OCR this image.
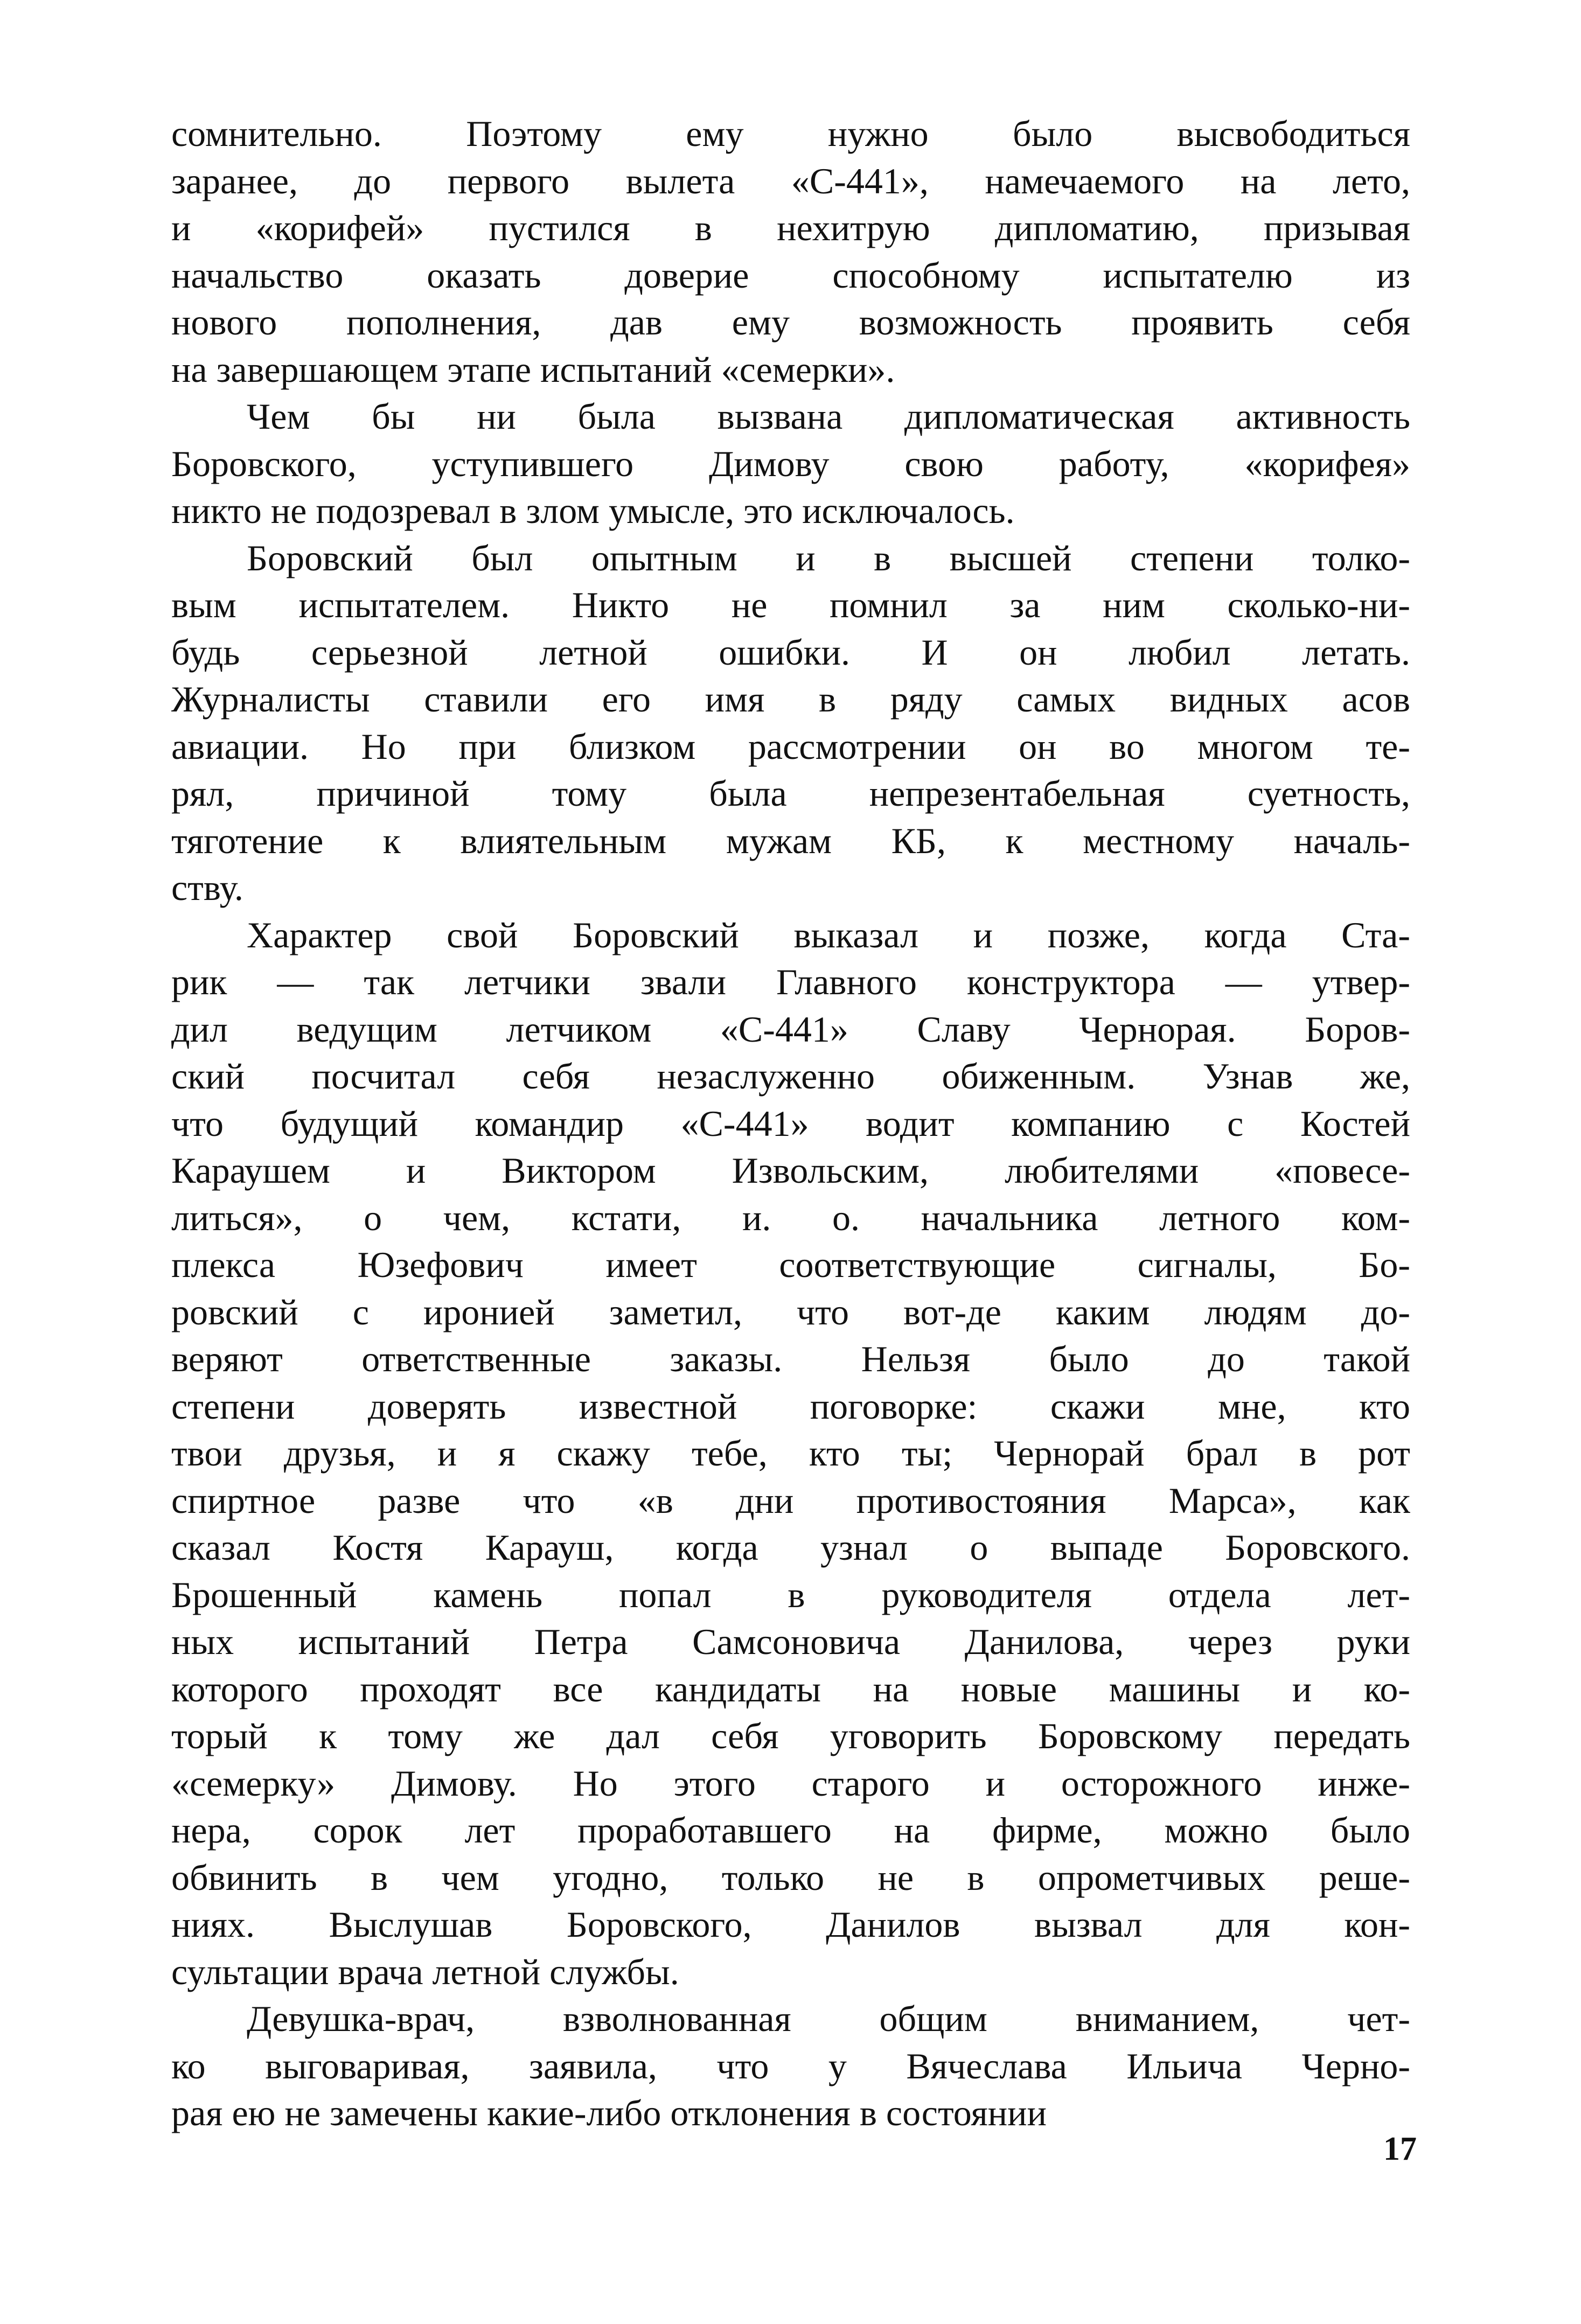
сомнительно. Поэтому ему нужно было высвободиться
заранее, до первого вылета «С-441», намечаемого на лето,
и «корифей» пустился в нехитрую дипломатию, призывая
начальство оказать доверие способному испытателю из
нового пополнения, дав ему возможность проявить себя
на завершающем этапе испытаний «семерки».
Чем бы ни была вызвана дипломатическая активность
Боровского, уступившего Димову свою работу, «корифея»
никто не подозревал в злом умысле, это исключалось.
Боровский был опытным и в высшей степени толко-
вым испытателем. Никто не помнил за ним сколько-ни-
будь серьезной летной ошибки. И он любил летать.
Журналисты ставили его имя в ряду самых видных асов
авиации. Но при близком рассмотрении он во многом те-
рял, причиной тому была непрезентабельная суетность,
тяготение к влиятельным мужам КБ, к местному началь-
ству.
Характер свой Боровский выказал и позже, когда Ста-
рик — так летчики звали Главного конструктора — утвер-
дил ведущим летчиком «С-441» Славу Чернорая. Боров-
ский посчитал себя незаслуженно обиженным. Узнав же,
что будущий командир «С-441» водит компанию с Костей
Караушем и Виктором Извольским, любителями «повесе-
литься», о чем, кстати, и. о. начальника летного ком-
плекса Юзефович имеет соответствующие сигналы, Бо-
ровский с иронией заметил, что вот-де каким людям до-
веряют ответственные заказы. Нельзя было до такой
степени доверять известной поговорке: скажи мне, кто
твои друзья, и я скажу тебе, кто ты; Чернорай брал в рот
спиртное разве что «в дни противостояния Марса», как
сказал Костя Карауш, когда узнал о выпаде Боровского.
Брошенный камень попал в руководителя отдела лет-
ных испытаний Петра Самсоновича Данилова, через руки
которого проходят все кандидаты на новые машины и ко-
торый к тому же дал себя уговорить Боровскому передать
«семерку» Димову. Но этого старого и осторожного инже-
нера, сорок лет проработавшего на фирме, можно было
обвинить в чем угодно, только не в опрометчивых реше-
ниях. Выслушав Боровского, Данилов вызвал для кон-
сультации врача летной службы.
Девушка-врач, взволнованная общим вниманием, чет-
ко выговаривая, заявила, что у Вячеслава Ильича Черно-
рая ею не замечены какие-либо отклонения в состоянии
17
